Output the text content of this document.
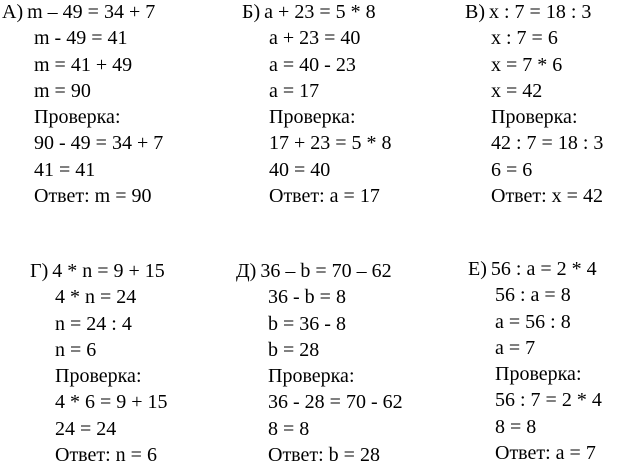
А) m – 49 = 34 + 7
m - 49 = 41
m = 41 + 49
m = 90
Проверка:
90 - 49 = 34 + 7
41 = 41
Ответ: m = 90
Б) a + 23 = 5 * 8
a + 23 = 40
a = 40 - 23
a = 17
Проверка:
17 + 23 = 5 * 8
40 = 40
Ответ: a = 17
В) x : 7 = 18 : 3
x : 7 = 6
x = 7 * 6
x = 42
Проверка:
42 : 7 = 18 : 3
6 = 6
Ответ: x = 42
Г) 4 * n = 9 + 15
4 * n = 24
n = 24 : 4
n = 6
Проверка:
4 * 6 = 9 + 15
24 = 24
Ответ: n = 6
Д) 36 – b = 70 – 62
36 - b = 8
b = 36 - 8
b = 28
Проверка:
36 - 28 = 70 - 62
8 = 8
Ответ: b = 28
Е) 56 : a = 2 * 4
56 : a = 8
a = 56 : 8
a = 7
Проверка:
56 : 7 = 2 * 4
8 = 8
Ответ: a = 7
